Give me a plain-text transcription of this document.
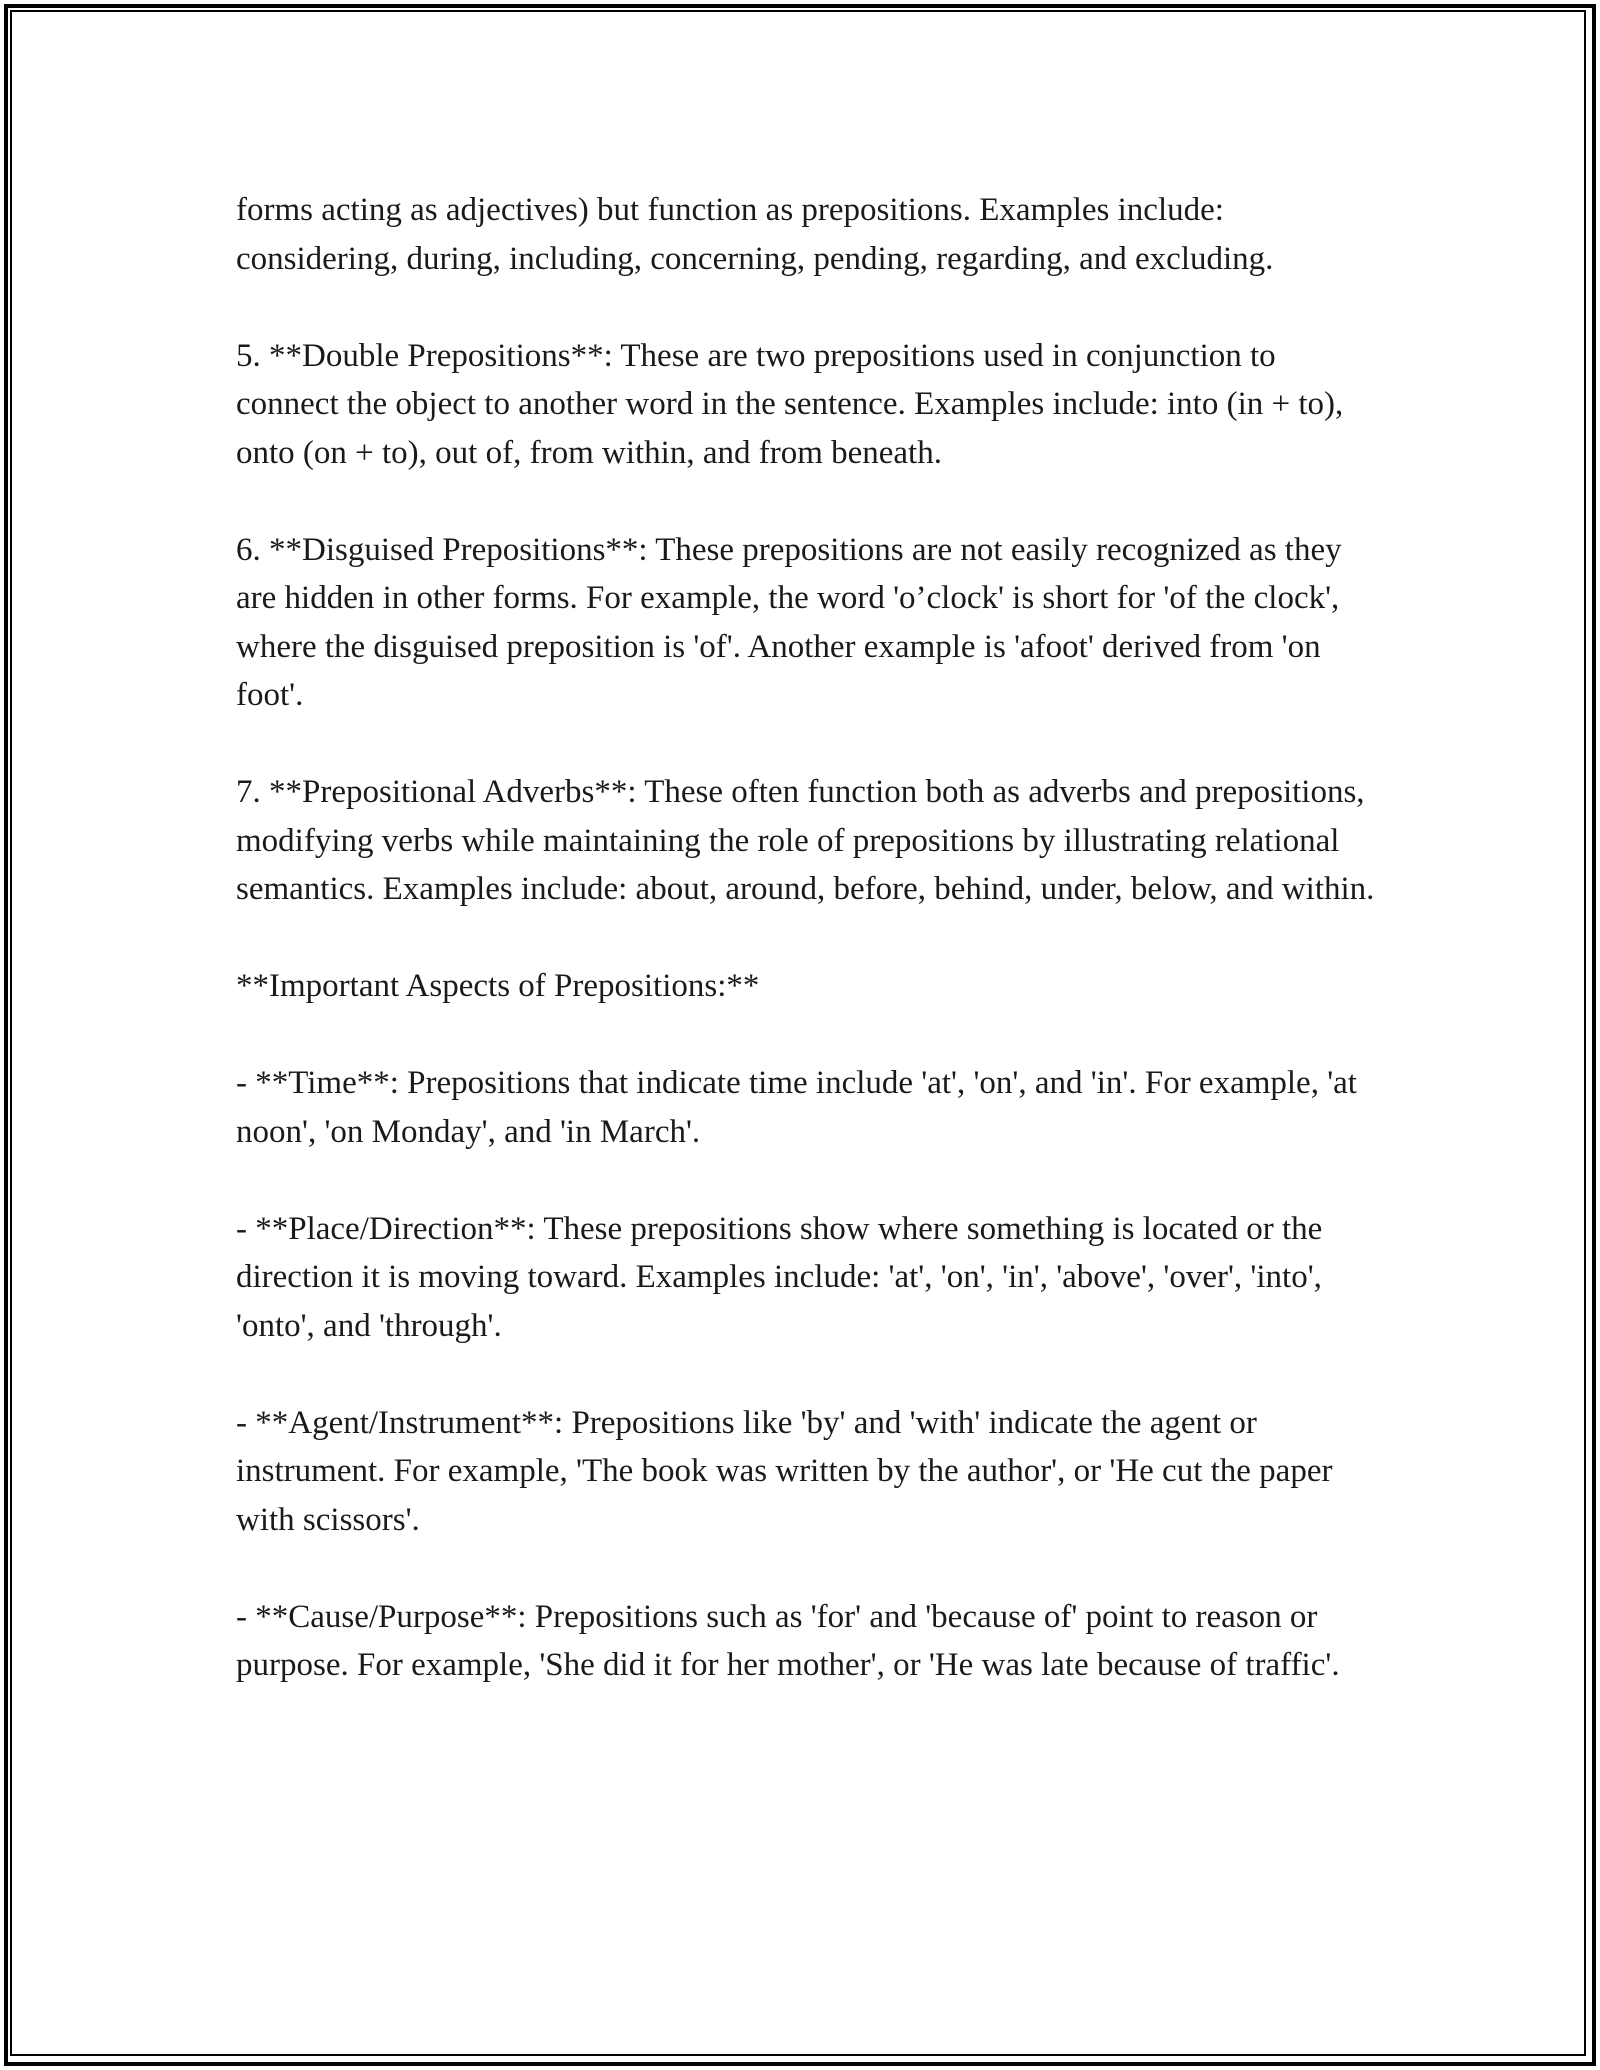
forms acting as adjectives) but function as prepositions. Examples include: considering, during, including, concerning, pending, regarding, and excluding.

5. **Double Prepositions**: These are two prepositions used in conjunction to connect the object to another word in the sentence. Examples include: into (in + to), onto (on + to), out of, from within, and from beneath.

6. **Disguised Prepositions**: These prepositions are not easily recognized as they are hidden in other forms. For example, the word 'o’clock' is short for 'of the clock', where the disguised preposition is 'of'. Another example is 'afoot' derived from 'on foot'.

7. **Prepositional Adverbs**: These often function both as adverbs and prepositions, modifying verbs while maintaining the role of prepositions by illustrating relational semantics. Examples include: about, around, before, behind, under, below, and within.

**Important Aspects of Prepositions:**

- **Time**: Prepositions that indicate time include 'at', 'on', and 'in'. For example, 'at noon', 'on Monday', and 'in March'.

- **Place/Direction**: These prepositions show where something is located or the direction it is moving toward. Examples include: 'at', 'on', 'in', 'above', 'over', 'into', 'onto', and 'through'.

- **Agent/Instrument**: Prepositions like 'by' and 'with' indicate the agent or instrument. For example, 'The book was written by the author', or 'He cut the paper with scissors'.

- **Cause/Purpose**: Prepositions such as 'for' and 'because of' point to reason or purpose. For example, 'She did it for her mother', or 'He was late because of traffic'.
